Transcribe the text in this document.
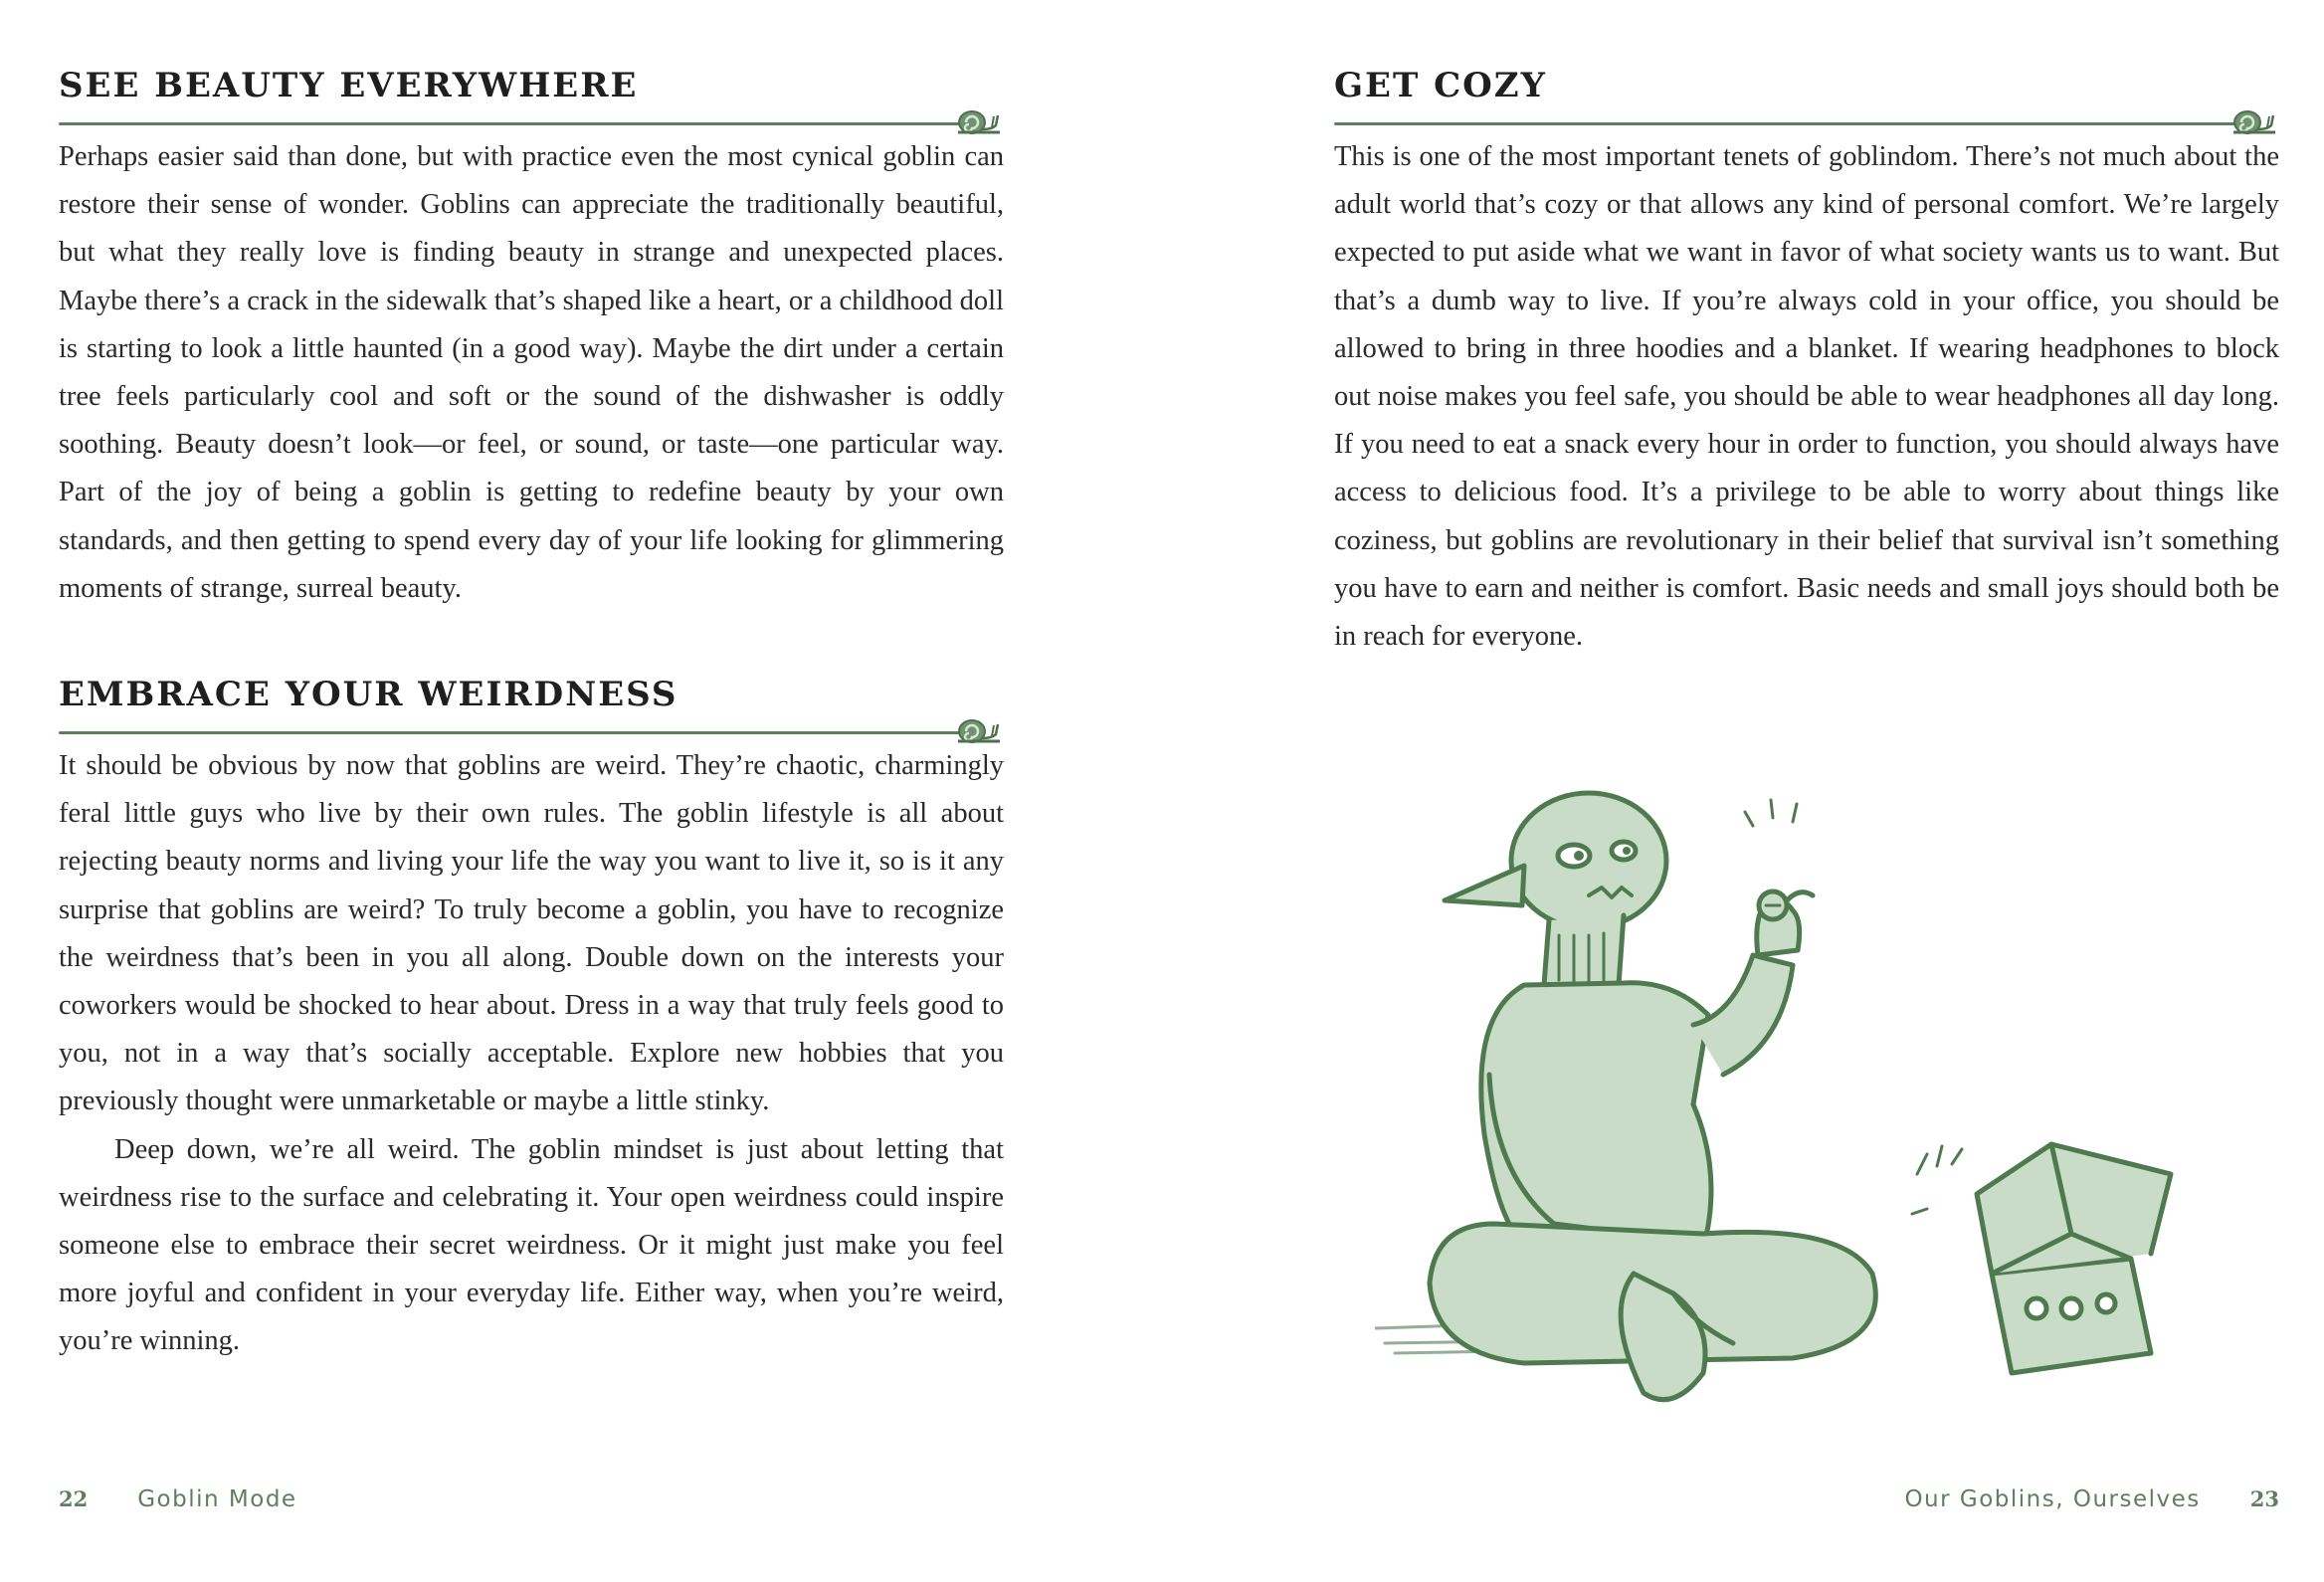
SEE BEAUTY EVERYWHERE

Perhaps easier said than done, but with practice even the most cynical goblin can restore their sense of wonder. Goblins can appreciate the traditionally beautiful, but what they really love is finding beauty in strange and unexpected places. Maybe there’s a crack in the sidewalk that’s shaped like a heart, or a childhood doll is starting to look a little haunted (in a good way). Maybe the dirt under a certain tree feels particularly cool and soft or the sound of the dishwasher is oddly soothing. Beauty doesn’t look—or feel, or sound, or taste—one particular way. Part of the joy of being a goblin is getting to redefine beauty by your own standards, and then getting to spend every day of your life looking for glimmering moments of strange, surreal beauty.

EMBRACE YOUR WEIRDNESS

It should be obvious by now that goblins are weird. They’re chaotic, charmingly feral little guys who live by their own rules. The goblin lifestyle is all about rejecting beauty norms and living your life the way you want to live it, so is it any surprise that goblins are weird? To truly become a goblin, you have to recognize the weirdness that’s been in you all along. Double down on the interests your coworkers would be shocked to hear about. Dress in a way that truly feels good to you, not in a way that’s socially acceptable. Explore new hobbies that you previously thought were unmarketable or maybe a little stinky.

Deep down, we’re all weird. The goblin mindset is just about letting that weirdness rise to the surface and celebrating it. Your open weirdness could inspire someone else to embrace their secret weirdness. Or it might just make you feel more joyful and confident in your everyday life. Either way, when you’re weird, you’re winning.

22 Goblin Mode
GET COZY

This is one of the most important tenets of goblindom. There’s not much about the adult world that’s cozy or that allows any kind of personal comfort. We’re largely expected to put aside what we want in favor of what society wants us to want. But that’s a dumb way to live. If you’re always cold in your office, you should be allowed to bring in three hoodies and a blanket. If wearing headphones to block out noise makes you feel safe, you should be able to wear headphones all day long. If you need to eat a snack every hour in order to function, you should always have access to delicious food. It’s a privilege to be able to worry about things like coziness, but goblins are revolutionary in their belief that survival isn’t something you have to earn and neither is comfort. Basic needs and small joys should both be in reach for everyone.

Our Goblins, Ourselves 23
